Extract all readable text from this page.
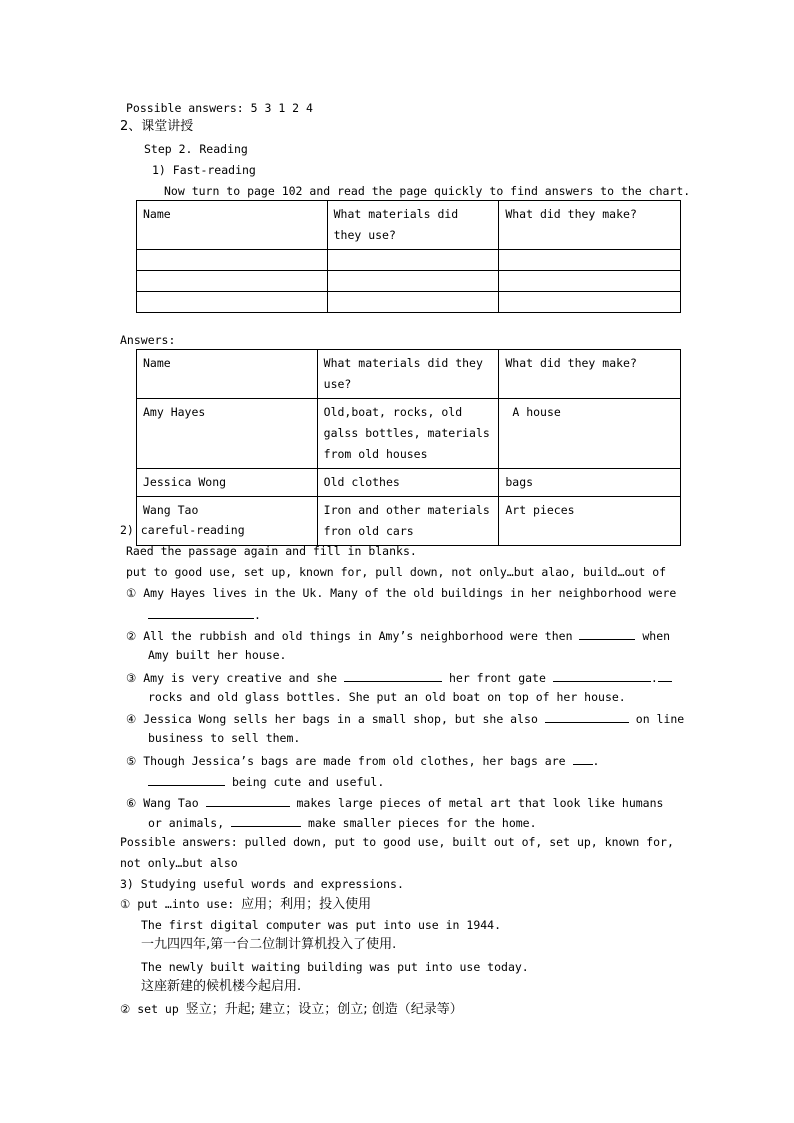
Possible answers: 5 3 1 2 4
2、课堂讲授
Step 2. Reading
1) Fast-reading
Now turn to page 102 and read the page quickly to find answers to the chart.
Name	What materials did they use?	What did they make?

Answers:
Name	What materials did they use?	What did they make?
Amy Hayes	Old,boat, rocks, old galss bottles, materials from old houses	A house
Jessica Wong	Old clothes	bags
Wang Tao	Iron and other materials fron old cars	Art pieces
2) careful-reading
Raed the passage again and fill in blanks.
put to good use, set up, known for, pull down, not only…but alao, build…out of
① Amy Hayes lives in the Uk. Many of the old buildings in her neighborhood were
.
② All the rubbish and old things in Amy’s neighborhood were then	when
Amy built her house.
③ Amy is very creative and she	her front gate	.
rocks and old glass bottles. She put an old boat on top of her house.
④ Jessica Wong sells her bags in a small shop, but she also	on line
business to sell them.
⑤ Though Jessica’s bags are made from old clothes, her bags are .
being cute and useful.
⑥ Wang Tao	makes large pieces of metal art that look like humans
or animals,	make smaller pieces for the home.
Possible answers: pulled down, put to good use, built out of, set up, known for,
not only…but also
3) Studying useful words and expressions.
① put …into use: 应用；利用；投入使用
The first digital computer was put into use in 1944.
一九四四年,第一台二位制计算机投入了使用.
The newly built waiting building was put into use today.
这座新建的候机楼今起启用.
② set up 竖立；升起; 建立；设立；创立; 创造（纪录等）
